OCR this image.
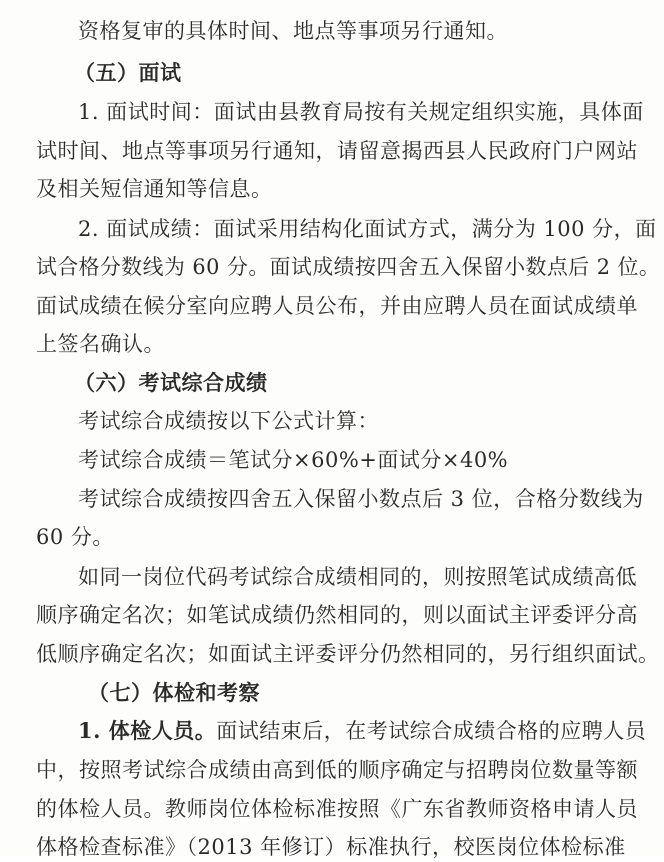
资格复审的具体时间、地点等事项另行通知。
（五）面试
1. 面试时间：面试由县教育局按有关规定组织实施，具体面
试时间、地点等事项另行通知，请留意揭西县人民政府门户网站
及相关短信通知等信息。
2. 面试成绩：面试采用结构化面试方式，满分为 100 分，面
试合格分数线为 60 分。面试成绩按四舍五入保留小数点后 2 位。
面试成绩在候分室向应聘人员公布，并由应聘人员在面试成绩单
上签名确认。
（六）考试综合成绩
考试综合成绩按以下公式计算：
考试综合成绩＝笔试分×60%+面试分×40%
考试综合成绩按四舍五入保留小数点后 3 位，合格分数线为
60 分。
如同一岗位代码考试综合成绩相同的，则按照笔试成绩高低
顺序确定名次；如笔试成绩仍然相同的，则以面试主评委评分高
低顺序确定名次；如面试主评委评分仍然相同的，另行组织面试。
（七）体检和考察
1. 体检人员。面试结束后，在考试综合成绩合格的应聘人员
中，按照考试综合成绩由高到低的顺序确定与招聘岗位数量等额
的体检人员。教师岗位体检标准按照《广东省教师资格申请人员
体格检查标准》（2013 年修订）标准执行，校医岗位体检标准
